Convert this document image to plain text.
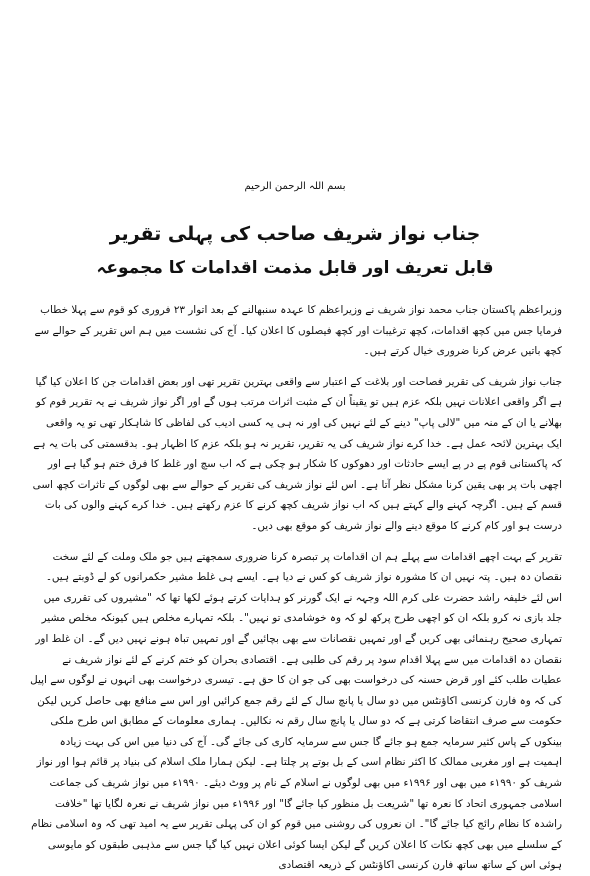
بسم اللہ الرحمن الرحیم
جناب نواز شریف صاحب کی پہلی تقریر
قابل تعریف اور قابل مذمت اقدامات کا مجموعہ

وزیراعظم پاکستان جناب محمد نواز شریف نے وزیراعظم کا عہدہ سنبھالنے کے بعد اتوار ۲۳ فروری کو قوم سے پہلا خطاب فرمایا جس میں کچھ اقدامات، کچھ ترغیبات اور کچھ فیصلوں کا اعلان کیا۔ آج کی نشست میں ہم اس تقریر کے حوالے سے کچھ باتیں عرض کرنا ضروری خیال کرتے ہیں۔

جناب نواز شریف کی تقریر فصاحت اور بلاغت کے اعتبار سے واقعی بہترین تقریر تھی اور بعض اقدامات جن کا اعلان کیا گیا ہے اگر واقعی اعلانات نہیں بلکہ عزم ہیں تو یقیناً ان کے مثبت اثرات مرتب ہوں گے اور اگر نواز شریف نے یہ تقریر قوم کو بھلانے یا ان کے منہ میں "لالی پاپ" دینے کے لئے نہیں کی اور نہ ہی یہ کسی ادیب کی لفاظی کا شاہکار تھی تو یہ واقعی ایک بہترین لائحہ عمل ہے۔ خدا کرے نواز شریف کی یہ تقریر، تقریر نہ ہو بلکہ عزم کا اظہار ہو۔ بدقسمتی کی بات یہ ہے کہ پاکستانی قوم پے در پے ایسے حادثات اور دھوکوں کا شکار ہو چکی ہے کہ اب سچ اور غلط کا فرق ختم ہو گیا ہے اور اچھی بات پر بھی یقین کرنا مشکل نظر آتا ہے۔ اس لئے نواز شریف کی تقریر کے حوالے سے بھی لوگوں کے تاثرات کچھ اسی قسم کے ہیں۔ اگرچہ کہنے والے کہتے ہیں کہ اب نواز شریف کچھ کرنے کا عزم رکھتے ہیں۔ خدا کرے کہنے والوں کی بات درست ہو اور کام کرنے کا موقع دینے والے نواز شریف کو موقع بھی دیں۔

تقریر کے بہت اچھے اقدامات سے پہلے ہم ان اقدامات پر تبصرہ کرنا ضروری سمجھتے ہیں جو ملک وملت کے لئے سخت نقصان دہ ہیں۔ پتہ نہیں ان کا مشورہ نواز شریف کو کس نے دیا ہے۔ ایسے ہی غلط مشیر حکمرانوں کو لے ڈوبتے ہیں۔ اس لئے خلیفہ راشد حضرت علی کرم اللہ وجہہ نے ایک گورنر کو ہدایات کرتے ہوئے لکھا تھا کہ "مشیروں کی تقرری میں جلد بازی نہ کرو بلکہ ان کو اچھی طرح پرکھ لو کہ وہ خوشامدی تو نہیں"۔ بلکہ تمہارے مخلص ہیں کیونکہ مخلص مشیر تمہاری صحیح رہنمائی بھی کریں گے اور تمہیں نقصانات سے بھی بچائیں گے اور تمہیں تباہ ہونے نہیں دیں گے۔ ان غلط اور نقصان دہ اقدامات میں سے پہلا اقدام سود پر رقم کی طلبی ہے۔ اقتصادی بحران کو ختم کرنے کے لئے نواز شریف نے عطیات طلب کئے اور قرض حسنہ کی درخواست بھی کی جو ان کا حق ہے۔ تیسری درخواست بھی انہوں نے لوگوں سے اپیل کی کہ وہ فارن کرنسی اکاؤنٹس میں دو سال یا پانچ سال کے لئے رقم جمع کرائیں اور اس سے منافع بھی حاصل کریں لیکن حکومت سے صرف انتقاضا کرتی ہے کہ دو سال یا پانچ سال رقم نہ نکالیں۔ ہماری معلومات کے مطابق اس طرح ملکی بینکوں کے پاس کثیر سرمایہ جمع ہو جائے گا جس سے سرمایہ کاری کی جائے گی۔ آج کی دنیا میں اس کی بہت زیادہ اہمیت ہے اور مغربی ممالک کا اکثر نظام اسی کے بل بوتے پر چلتا ہے۔ لیکن ہمارا ملک اسلام کی بنیاد پر قائم ہوا اور نواز شریف کو ۱۹۹۰ء میں بھی اور ۱۹۹۶ء میں بھی لوگوں نے اسلام کے نام پر ووٹ دیئے۔ ۱۹۹۰ء میں نواز شریف کی جماعت اسلامی جمہوری اتحاد کا نعرہ تھا "شریعت بل منظور کیا جائے گا" اور ۱۹۹۶ء میں نواز شریف نے نعرہ لگایا تھا "خلافت راشدہ کا نظام رائج کیا جائے گا"۔ ان نعروں کی روشنی میں قوم کو ان کی پہلی تقریر سے یہ امید تھی کہ وہ اسلامی نظام کے سلسلے میں بھی کچھ نکات کا اعلان کریں گے لیکن ایسا کوئی اعلان نہیں کیا گیا جس سے مذہبی طبقوں کو مایوسی ہوئی اس کے ساتھ ساتھ فارن کرنسی اکاؤنٹس کے ذریعہ اقتصادی
